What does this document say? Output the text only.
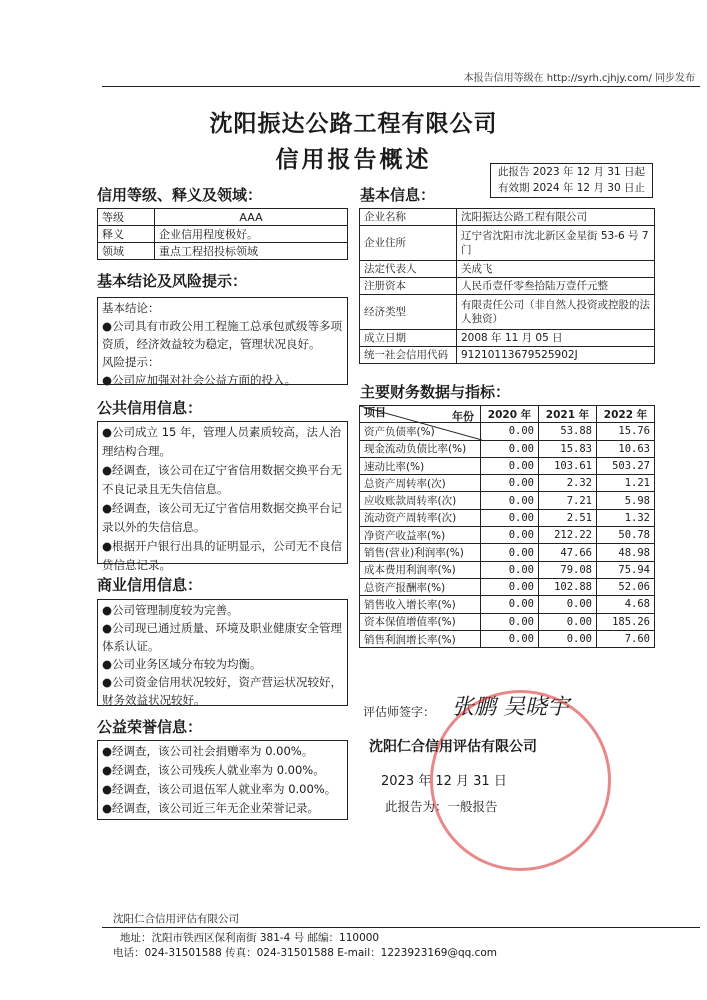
本报告信用等级在 http://syrh.cjhjy.com/ 同步发布
沈阳振达公路工程有限公司
信用报告概述	此报告 2023 年 12 月 31 日起
有效期 2024 年 12 月 30 日止
信用等级、释义及领域：
等级	AAA
释义	企业信用程度极好。
领域	重点工程招投标领域
基本结论及风险提示：

基本结论：

●公司具有市政公用工程施工总承包贰级等多项资质，经济效益较为稳定，管理状况良好。

风险提示：

●公司应加强对社会公益方面的投入。

公共信用信息：

●公司成立 15 年，管理人员素质较高，法人治理结构合理。

●经调查，该公司在辽宁省信用数据交换平台无不良记录且无失信信息。

●经调查，该公司无辽宁省信用数据交换平台记录以外的失信信息。

●根据开户银行出具的证明显示，公司无不良信贷信息记录。

商业信用信息：

●公司管理制度较为完善。

●公司现已通过质量、环境及职业健康安全管理体系认证。

●公司业务区域分布较为均衡。

●公司资金信用状况较好，资产营运状况较好，财务效益状况较好。

公益荣誉信息：

●经调查，该公司社会捐赠率为 0.00%。

●经调查，该公司残疾人就业率为 0.00%。

●经调查，该公司退伍军人就业率为 0.00%。

●经调查，该公司近三年无企业荣誉记录。

基本信息：
企业名称	沈阳振达公路工程有限公司
企业住所	辽宁省沈阳市沈北新区金星街 53-6 号 7 门
法定代表人	关成飞
注册资本	人民币壹仟零叁拾陆万壹仟元整
经济类型	有限责任公司（非自然人投资或控股的法人独资）
成立日期	2008 年 11 月 05 日
统一社会信用代码	91210113679525902J
主要财务数据与指标：
年份
项目	2020 年	2021 年	2022 年
资产负债率(%)	0.00	53.88	15.76
现金流动负债比率(%)	0.00	15.83	10.63
速动比率(%)	0.00	103.61	503.27
总资产周转率(次)	0.00	2.32	1.21
应收账款周转率(次)	0.00	7.21	5.98
流动资产周转率(次)	0.00	2.51	1.32
净资产收益率(%)	0.00	212.22	50.78
销售(营业)利润率(%)	0.00	47.66	48.98
成本费用利润率(%)	0.00	79.08	75.94
总资产报酬率(%)	0.00	102.88	52.06
销售收入增长率(%)	0.00	0.00	4.68
资本保值增值率(%)	0.00	0.00	185.26
销售利润增长率(%)	0.00	0.00	7.60
评估师签字： 张鹏 吴晓宇
沈阳仁合信用评估有限公司
2023 年 12 月 31 日
此报告为：一般报告
沈阳仁合信用评估有限公司
地址：沈阳市铁西区保利南街 381-4 号 邮编：110000
电话：024-31501588 传真：024-31501588 E-mail：1223923169@qq.com
